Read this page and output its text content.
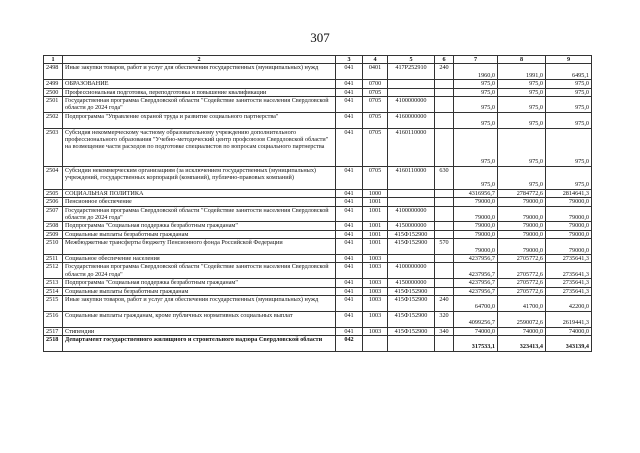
307
1	2	3	4	5	6	7	8	9
2498	Иные закупки товаров, работ и услуг для обеспечения государственных (муниципальных) нужд	041	0401	417P252910	240	1960,0	1991,0	6495,1
2499	ОБРАЗОВАНИЕ	041	0700			975,0	975,0	975,0
2500	Профессиональная подготовка, переподготовка и повышение квалификации	041	0705			975,0	975,0	975,0
2501	Государственная программа Свердловской области "Содействие занятости населения Свердловской области до 2024 года"	041	0705	4100000000		975,0	975,0	975,0
2502	Подпрограмма "Управление охраной труда и развитие социального партнерства"	041	0705	4160000000		975,0	975,0	975,0
2503	Субсидия некоммерческому частному образовательному учреждению дополнительного профессионального образования "Учебно-методический центр профсоюзов Свердловской области" на возмещение части расходов по подготовке специалистов по вопросам социального партнерства	041	0705	4160110000		975,0	975,0	975,0
2504	Субсидии некоммерческим организациям (за исключением государственных (муниципальных) учреждений, государственных корпораций (компаний), публично-правовых компаний)	041	0705	4160110000	630	975,0	975,0	975,0
2505	СОЦИАЛЬНАЯ ПОЛИТИКА	041	1000			4316956,7	2784772,6	2814641,3
2506	Пенсионное обеспечение	041	1001			79000,0	79000,0	79000,0
2507	Государственная программа Свердловской области "Содействие занятости населения Свердловской области до 2024 года"	041	1001	4100000000		79000,0	79000,0	79000,0
2508	Подпрограмма "Социальная поддержка безработным гражданам"	041	1001	4150000000		79000,0	79000,0	79000,0
2509	Социальные выплаты безработным гражданам	041	1001	415Ф152900		79000,0	79000,0	79000,0
2510	Межбюджетные трансферты бюджету Пенсионного фонда Российской Федерации	041	1001	415Ф152900	570	79000,0	79000,0	79000,0
2511	Социальное обеспечение населения	041	1003			4237956,7	2705772,6	2735641,3
2512	Государственная программа Свердловской области "Содействие занятости населения Свердловской области до 2024 года"	041	1003	4100000000		4237956,7	2705772,6	2735641,3
2513	Подпрограмма "Социальная поддержка безработным гражданам"	041	1003	4150000000		4237956,7	2705772,6	2735641,3
2514	Социальные выплаты безработным гражданам	041	1003	415Ф152900		4237956,7	2705772,6	2735641,3
2515	Иные закупки товаров, работ и услуг для обеспечения государственных (муниципальных) нужд	041	1003	415Ф152900	240	64700,0	41700,0	42200,0
2516	Социальные выплаты гражданам, кроме публичных нормативных социальных выплат	041	1003	415Ф152900	320	4099256,7	2590072,6	2619441,3
2517	Стипендии	041	1003	415Ф152900	340	74000,0	74000,0	74000,0
2518	Департамент государственного жилищного и строительного надзора Свердловской области	042				317533,1	323413,4	343139,4
